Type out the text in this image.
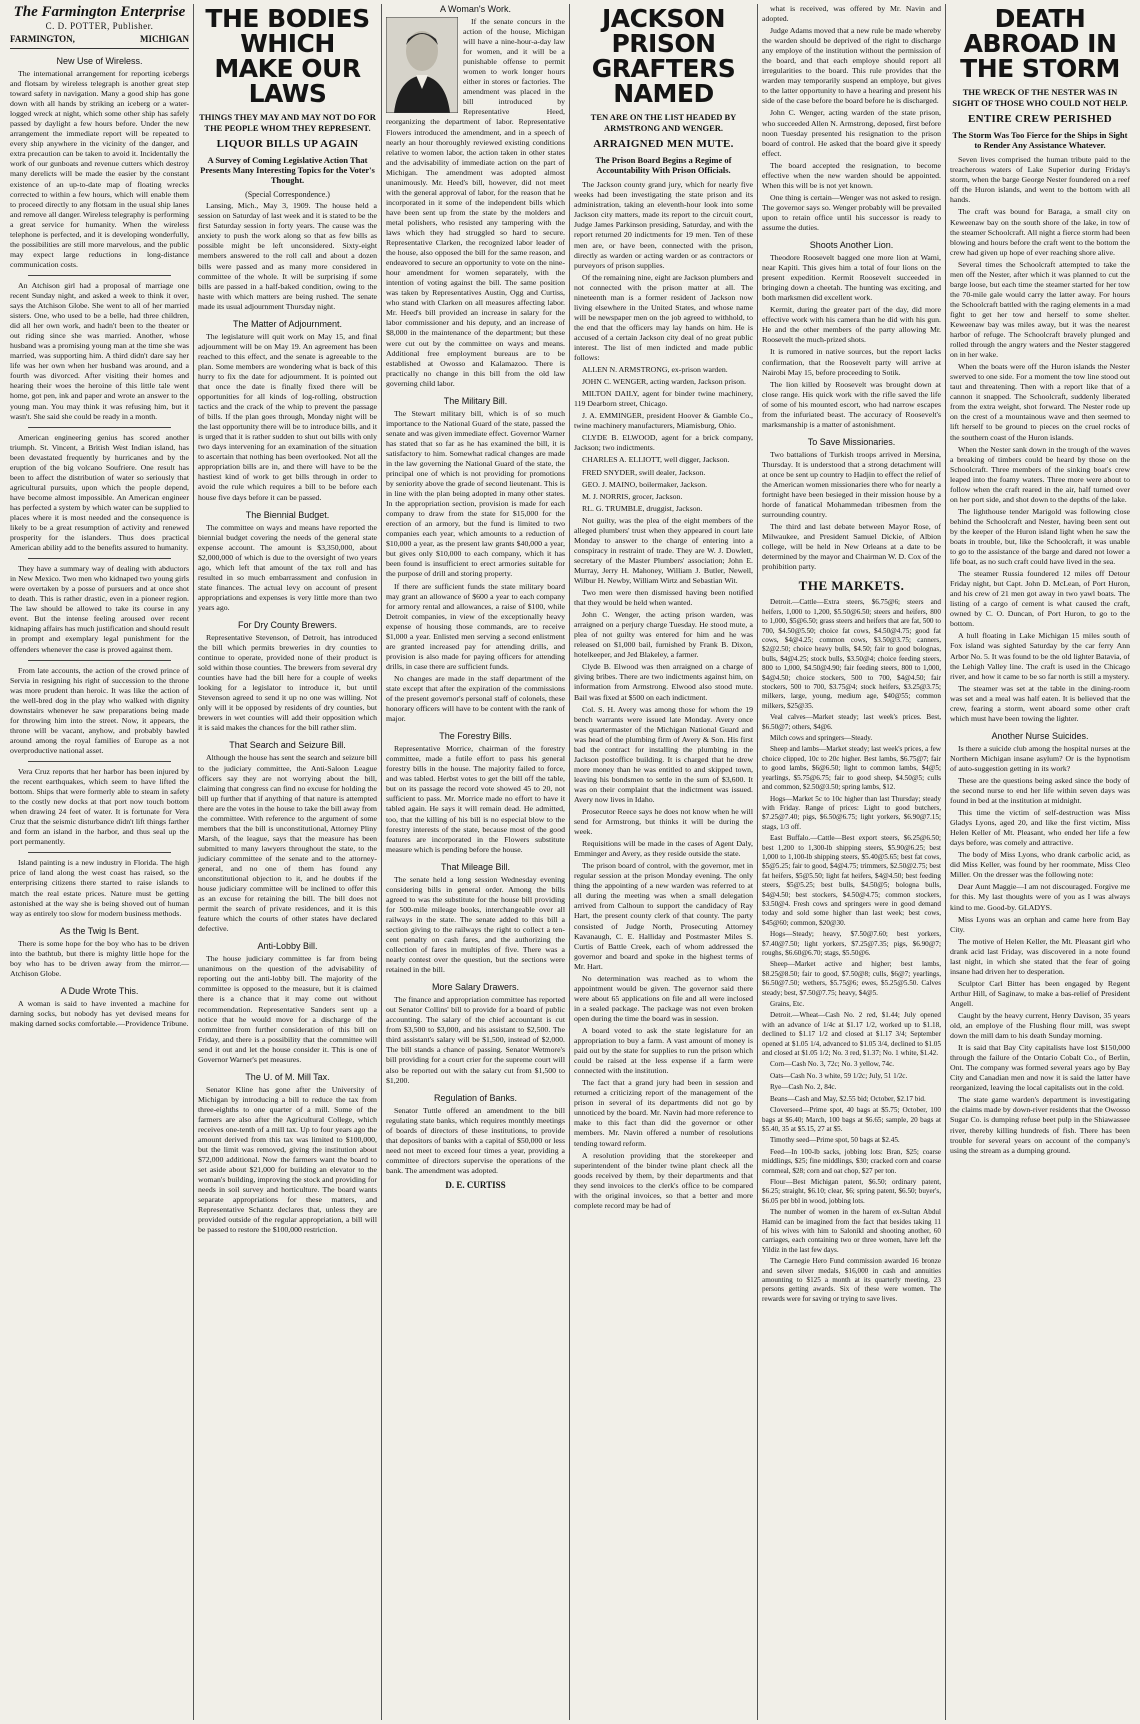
The Farmington Enterprise
C. D. POTTER, Publisher.
FARMINGTON,	MICHIGAN
New Use of Wireless.

The international arrangement for reporting icebergs and flotsam by wireless telegraph is another great step toward safety in navigation. Many a good ship has gone down with all hands by striking an iceberg or a water-logged wreck at night, which some other ship has safely passed by daylight a few hours before. Under the new arrangement the immediate report will be repeated to every ship anywhere in the vicinity of the danger, and extra precaution can be taken to avoid it. Incidentally the work of our gunboats and revenue cutters which destroy many derelicts will be made the easier by the constant existence of an up-to-date map of floating wrecks corrected to within a few hours, which will enable them to proceed directly to any flotsam in the usual ship lanes and remove all danger. Wireless telegraphy is performing a great service for humanity. When the wireless telephone is perfected, and it is developing wonderfully, the possibilities are still more marvelous, and the public may expect large reductions in long-distance communication costs.

An Atchison girl had a proposal of marriage one recent Sunday night, and asked a week to think it over, says the Atchison Globe. She went to all of her married sisters. One, who used to be a belle, had three children, did all her own work, and hadn't been to the theater or out riding since she was married. Another, whose husband was a promising young man at the time she was married, was supporting him. A third didn't dare say her life was her own when her husband was around, and a fourth was divorced. After visiting their homes and hearing their woes the heroine of this little tale went home, got pen, ink and paper and wrote an answer to the young man. You may think it was refusing him, but it wasn't. She said she could be ready in a month.

American engineering genius has scored another triumph. St. Vincent, a British West Indian island, has been devastated frequently by hurricanes and by the eruption of the big volcano Soufriere. One result has been to affect the distribution of water so seriously that agricultural pursuits, upon which the people depend, have become almost impossible. An American engineer has perfected a system by which water can be supplied to places where it is most needed and the consequence is likely to be a great resumption of activity and renewed prosperity for the islanders. Thus does practical American ability add to the benefits assured to humanity.

They have a summary way of dealing with abductors in New Mexico. Two men who kidnaped two young girls were overtaken by a posse of pursuers and at once shot to death. This is rather drastic, even in a pioneer region. The law should be allowed to take its course in any event. But the intense feeling aroused over recent kidnaping affairs has much justification and should result in prompt and exemplary legal punishment for the offenders whenever the case is proved against them.

From late accounts, the action of the crowd prince of Servia in resigning his right of succession to the throne was more prudent than heroic. It was like the action of the well-bred dog in the play who walked with dignity downstairs whenever he saw preparations being made for throwing him into the street. Now, it appears, the throne will be vacant, anyhow, and probably bawled around among the royal families of Europe as a not overproductive national asset.

Vera Cruz reports that her harbor has been injured by the recent earthquakes, which seem to have lifted the bottom. Ships that were formerly able to steam in safety to the costly new docks at that port now touch bottom when drawing 24 feet of water. It is fortunate for Vera Cruz that the seismic disturbance didn't lift things farther and form an island in the harbor, and thus seal up the port permanently.

Island painting is a new industry in Florida. The high price of land along the west coast has raised, so the enterprising citizens there started to raise islands to match the real estate prices. Nature must be getting astonished at the way she is being shoved out of human way as entirely too slow for modern business methods.

As the Twig Is Bent.

There is some hope for the boy who has to be driven into the bathtub, but there is mighty little hope for the boy who has to be driven away from the mirror.—Atchison Globe.

A Dude Wrote This.

A woman is said to have invented a machine for darning socks, but nobody has yet devised means for making darned socks comfortable.—Providence Tribune.

THE BODIES WHICH MAKE OUR LAWS
THINGS THEY MAY AND MAY NOT DO FOR THE PEOPLE WHOM THEY REPRESENT.
LIQUOR BILLS UP AGAIN
A Survey of Coming Legislative Action That Presents Many Interesting Topics for the Voter's Thought.
(Special Correspondence.)

Lansing, Mich., May 3, 1909. The house held a session on Saturday of last week and it is stated to be the first Saturday session in forty years. The cause was the anxiety to push the work along so that as few bills as possible might be left unconsidered. Sixty-eight members answered to the roll call and about a dozen bills were passed and as many more considered in committee of the whole. It will be surprising if some bills are passed in a half-baked condition, owing to the haste with which matters are being rushed. The senate made its usual adjournment Thursday night.

The Matter of Adjournment.

The legislature will quit work on May 15, and final adjournment will be on May 19. An agreement has been reached to this effect, and the senate is agreeable to the plan. Some members are wondering what is back of this hurry to fix the date for adjournment. It is pointed out that once the date is finally fixed there will be opportunities for all kinds of log-rolling, obstruction tactics and the crack of the whip to prevent the passage of bills. If the plan goes through, Monday night will be the last opportunity there will be to introduce bills, and it is urged that it is rather sudden to shut out bills with only two days intervening for an examination of the situation to ascertain that nothing has been overlooked. Not all the appropriation bills are in, and there will have to be the hastiest kind of work to get bills through in order to avoid the rule which requires a bill to be before each house five days before it can be passed.

The Biennial Budget.

The committee on ways and means have reported the biennial budget covering the needs of the general state expense account. The amount is $3,350,000, about $2,000,000 of which is due to the oversight of two years ago, which left that amount of the tax roll and has resulted in so much embarrassment and confusion in state finances. The actual levy on account of present appropriations and expenses is very little more than two years ago.

For Dry County Brewers.

Representative Stevenson, of Detroit, has introduced the bill which permits breweries in dry counties to continue to operate, provided none of their product is sold within those counties. The brewers from several dry counties have had the bill here for a couple of weeks looking for a legislator to introduce it, but until Stevenson agreed to send it up no one was willing. Not only will it be opposed by residents of dry counties, but brewers in wet counties will add their opposition which it is said makes the chances for the bill rather slim.

That Search and Seizure Bill.

Although the house has sent the search and seizure bill to the judiciary committee, the Anti-Saloon League officers say they are not worrying about the bill, claiming that congress can find no excuse for holding the bill up further that if anything of that nature is attempted there are the votes in the house to take the bill away from the committee. With reference to the argument of some members that the bill is unconstitutional, Attorney Pliny Marsh, of the league, says that the measure has been submitted to many lawyers throughout the state, to the judiciary committee of the senate and to the attorney-general, and no one of them has found any unconstitutional objection to it, and he doubts if the house judiciary committee will be inclined to offer this as an excuse for retaining the bill. The bill does not permit the search of private residences, and it is this feature which the courts of other states have declared defective.

Anti-Lobby Bill.

The house judiciary committee is far from being unanimous on the question of the advisability of reporting out the anti-lobby bill. The majority of the committee is opposed to the measure, but it is claimed there is a chance that it may come out without recommendation. Representative Sanders sent up a notice that he would move for a discharge of the committee from further consideration of this bill on Friday, and there is a possibility that the committee will send it out and let the house consider it. This is one of Governor Warner's pet measures.

The U. of M. Mill Tax.

Senator Kline has gone after the University of Michigan by introducing a bill to reduce the tax from three-eighths to one quarter of a mill. Some of the farmers are also after the Agricultural College, which receives one-tenth of a mill tax. Up to four years ago the amount derived from this tax was limited to $100,000, but the limit was removed, giving the institution about $72,000 additional. Now the farmers want the board to set aside about $21,000 for building an elevator to the woman's building, improving the stock and providing for needs in soil survey and horticulture. The board wants separate appropriations for these matters, and Representative Schantz declares that, unless they are provided outside of the regular appropriation, a bill will be passed to restore the $100,000 restriction.

A Woman's Work.

If the senate concurs in the action of the house, Michigan will have a nine-hour-a-day law for women, and it will be a punishable offense to permit women to work longer hours either in stores or factories. The amendment was placed in the bill introduced by Representative Heed, reorganizing the department of labor. Representative Flowers introduced the amendment, and in a speech of nearly an hour thoroughly reviewed existing conditions relative to women labor, the action taken in other states and the advisability of immediate action on the part of Michigan. The amendment was adopted almost unanimously. Mr. Heed's bill, however, did not meet with the general approval of labor, for the reason that he incorporated in it some of the independent bills which have been sent up from the state by the molders and metal polishers, who resisted any tampering with the laws which they had struggled so hard to secure. Representative Clarken, the recognized labor leader of the house, also opposed the bill for the same reason, and endeavored to secure an opportunity to vote on the nine-hour amendment for women separately, with the intention of voting against the bill. The same position was taken by Representatives Austin, Ogg and Curtiss, who stand with Clarken on all measures affecting labor. Mr. Heed's bill provided an increase in salary for the labor commissioner and his deputy, and an increase of $8,000 in the maintenance of the department; but these were cut out by the committee on ways and means. Additional free employment bureaus are to be established at Owosso and Kalamazoo. There is practically no change in this bill from the old law governing child labor.

The Military Bill.

The Stewart military bill, which is of so much importance to the National Guard of the state, passed the senate and was given immediate effect. Governor Warner has stated that so far as he has examined the bill, it is satisfactory to him. Somewhat radical changes are made in the law governing the National Guard of the state, the principal one of which is not providing for promotions by seniority above the grade of second lieutenant. This is in line with the plan being adopted in many other states. In the appropriation section, provision is made for each company to draw from the state for $15,000 for the erection of an armory, but the fund is limited to two companies each year, which amounts to a reduction of $10,000 a year, as the present law grants $40,000 a year, but gives only $10,000 to each company, which it has been found is insufficient to erect armories suitable for the purpose of drill and storing property.

If there are sufficient funds the state military board may grant an allowance of $600 a year to each company for armory rental and allowances, a raise of $100, while Detroit companies, in view of the exceptionally heavy expense of housing those commands, are to receive $1,000 a year. Enlisted men serving a second enlistment are granted increased pay for attending drills, and provision is also made for paying officers for attending drills, in case there are sufficient funds.

No changes are made in the staff department of the state except that after the expiration of the commissions of the present governor's personal staff of colonels, these honorary officers will have to be content with the rank of major.

The Forestry Bills.

Representative Morrice, chairman of the forestry committee, made a futile effort to pass his general forestry bills in the house. The majority failed to force, and was tabled. Herbst votes to get the bill off the table, but on its passage the record vote showed 45 to 20, not sufficient to pass. Mr. Morrice made no effort to have it tabled again. He says it will remain dead. He admitted, too, that the killing of his bill is no especial blow to the forestry interests of the state, because most of the good features are incorporated in the Flowers substitute measure which is pending before the house.

That Mileage Bill.

The senate held a long session Wednesday evening considering bills in general order. Among the bills agreed to was the substitute for the house bill providing for 500-mile mileage books, interchangeable over all railways in the state. The senate added to this bill a section giving to the railways the right to collect a ten-cent penalty on cash fares, and the authorizing the collection of fares in multiples of five. There was a nearly contest over the question, but the sections were retained in the bill.

More Salary Drawers.

The finance and appropriation committee has reported out Senator Collins' bill to provide for a board of public accounting. The salary of the chief accountant is cut from $3,500 to $3,000, and his assistant to $2,500. The third assistant's salary will be $1,500, instead of $2,000. The bill stands a chance of passing. Senator Wetmore's bill providing for a court crier for the supreme court will also be reported out with the salary cut from $1,500 to $1,200.

Regulation of Banks.

Senator Tuttle offered an amendment to the bill regulating state banks, which requires monthly meetings of boards of directors of these institutions, to provide that depositors of banks with a capital of $50,000 or less need not meet to exceed four times a year, providing a committee of directors supervise the operations of the bank. The amendment was adopted.

D. E. CURTISS
JACKSON PRISON GRAFTERS NAMED
TEN ARE ON THE LIST HEADED BY ARMSTRONG AND WENGER.
ARRAIGNED MEN MUTE.
The Prison Board Begins a Regime of Accountability With Prison Officials.

The Jackson county grand jury, which for nearly five weeks had been investigating the state prison and its administration, taking an eleventh-hour look into some Jackson city matters, made its report to the circuit court, Judge James Parkinson presiding, Saturday, and with the report returned 20 indictments for 19 men. Ten of these men are, or have been, connected with the prison, directly as warden or acting warden or as contractors or purveyors of prison supplies.

Of the remaining nine, eight are Jackson plumbers and not connected with the prison matter at all. The nineteenth man is a former resident of Jackson now living elsewhere in the United States, and whose name will be newspaper men on the job agreed to withhold, to the end that the officers may lay hands on him. He is accused of a certain Jackson city deal of no great public interest. The list of men indicted and made public follows:

ALLEN N. ARMSTRONG, ex-prison warden.

JOHN C. WENGER, acting warden, Jackson prison.

MILTON DAILY, agent for binder twine machinery, 119 Dearborn street, Chicago.

J. A. EMMINGER, president Hoover & Gamble Co., twine machinery manufacturers, Miamisburg, Ohio.

CLYDE B. ELWOOD, agent for a brick company, Jackson; two indictments.

CHARLES A. ELLIOTT, well digger, Jackson.

FRED SNYDER, swill dealer, Jackson.

GEO. J. MAINO, boilermaker, Jackson.

M. J. NORRIS, grocer, Jackson.

RL. G. TRUMBLE, druggist, Jackson.

Not guilty, was the plea of the eight members of the alleged plumbers' trust when they appeared in court late Monday to answer to the charge of entering into a conspiracy in restraint of trade. They are W. J. Dowlett, secretary of the Master Plumbers' association; John E. Murray, Jerry H. Mahoney, William J. Butler, Newell, Wilbur H. Newby, William Wirtz and Sebastian Wit.

Two men were then dismissed having been notified that they would be held when wanted.

John C. Wenger, the acting prison warden, was arraigned on a perjury charge Tuesday. He stood mute, a plea of not guilty was entered for him and he was released on $1,000 bail, furnished by Frank B. Dixon, hotelkeeper, and Jed Blakeley, a farmer.

Clyde B. Elwood was then arraigned on a charge of giving bribes. There are two indictments against him, on information from Armstrong. Elwood also stood mute. Bail was fixed at $500 on each indictment.

Col. S. H. Avery was among those for whom the 19 bench warrants were issued late Monday. Avery once was quartermaster of the Michigan National Guard and was head of the plumbing firm of Avery & Son. His first bad the contract for installing the plumbing in the Jackson postoffice building. It is charged that he drew more money than he was entitled to and skipped town, leaving his bondsmen to settle in the sum of $3,600. It was on their complaint that the indictment was issued. Avery now lives in Idaho.

Prosecutor Reece says he does not know when he will send for Armstrong, but thinks it will be during the week.

Requisitions will be made in the cases of Agent Daly, Emminger and Avery, as they reside outside the state.

The prison board of control, with the governor, met in regular session at the prison Monday evening. The only thing the appointing of a new warden was referred to at all during the meeting was when a small delegation arrived from Calhoun to support the candidacy of Ray Hart, the present county clerk of that county. The party consisted of Judge North, Prosecuting Attorney Kavanaugh, C. E. Halliday and Postmaster Miles S. Curtis of Battle Creek, each of whom addressed the governor and board and spoke in the highest terms of Mr. Hart.

No determination was reached as to whom the appointment would be given. The governor said there were about 65 applications on file and all were inclosed in a sealed package. The package was not even broken open during the time the board was in session.

A board voted to ask the state legislature for an appropriation to buy a farm. A vast amount of money is paid out by the state for supplies to run the prison which could be raised at the less expense if a farm were connected with the institution.

The fact that a grand jury had been in session and returned a criticizing report of the management of the prison in several of its departments did not go by unnoticed by the board. Mr. Navin had more reference to make to this fact than did the governor or other members. Mr. Navin offered a number of resolutions tending toward reform.

A resolution providing that the storekeeper and superintendent of the binder twine plant check all the goods received by them, by their departments and that they send invoices to the clerk's office to be compared with the original invoices, so that a better and more complete record may be had of

what is received, was offered by Mr. Navin and adopted.

Judge Adams moved that a new rule be made whereby the warden should be deprived of the right to discharge any employe of the institution without the permission of the board, and that each employe should report all irregularities to the board. This rule provides that the warden may temporarily suspend an employe, but gives to the latter opportunity to have a hearing and present his side of the case before the board before he is discharged.

John C. Wenger, acting warden of the state prison, who succeeded Allen N. Armstrong, deposed, first before noon Tuesday presented his resignation to the prison board of control. He asked that the board give it speedy effect.

The board accepted the resignation, to become effective when the new warden should be appointed. When this will be is not yet known.

One thing is certain—Wenger was not asked to resign. The governor says so. Wenger probably will be prevailed upon to retain office until his successor is ready to assume the duties.

Shoots Another Lion.

Theodore Roosevelt bagged one more lion at Wami, near Kapiti. This gives him a total of four lions on the present expedition. Kermit Roosevelt succeeded in bringing down a cheetah. The hunting was exciting, and both marksmen did excellent work.

Kermit, during the greater part of the day, did more effective work with his camera than he did with his gun. He and the other members of the party allowing Mr. Roosevelt the much-prized shots.

It is rumored in native sources, but the report lacks confirmation, that the Roosevelt party will arrive at Nairobi May 15, before proceeding to Sotik.

The lion killed by Roosevelt was brought down at close range. His quick work with the rifle saved the life of some of his mounted escort, who had narrow escapes from the infuriated beast. The accuracy of Roosevelt's marksmanship is a matter of astonishment.

To Save Missionaries.

Two battalions of Turkish troops arrived in Mersina, Thursday. It is understood that a strong detachment will at once be sent up country to Hadjin to effect the relief of the American women missionaries there who for nearly a fortnight have been besieged in their mission house by a horde of fanatical Mohammedan tribesmen from the surrounding country.

The third and last debate between Mayor Rose, of Milwaukee, and President Samuel Dickie, of Albion college, will be held in New Orleans at a date to be determined by the mayor and Chairman W. D. Cox of the prohibition party.

THE MARKETS.

Detroit.—Cattle—Extra steers, $6.75@6; steers and heifers, 1,000 to 1,200, $5.50@6.50; steers and heifers, 800 to 1,000, $5@6.50; grass steers and heifers that are fat, 500 to 700, $4.50@5.50; choice fat cows, $4.50@4.75; good fat cows, $4@4.25; common cows, $3.50@3.75; canners, $2@2.50; choice heavy bulls, $4.50; fair to good bolognas, bulls, $4@4.25; stock bulls, $3.50@4; choice feeding steers, 800 to 1,000, $4.50@4.90; fair feeding steers, 800 to 1,000, $4@4.50; choice stockers, 500 to 700, $4@4.50; fair stockers, 500 to 700, $3.75@4; stock heifers, $3.25@3.75; milkers, large, young, medium age, $40@55; common milkers, $25@35.

Veal calves—Market steady; last week's prices. Best, $6.50@7; others, $4@6.

Milch cows and springers—Steady.

Sheep and lambs—Market steady; last week's prices, a few choice clipped, 10c to 20c higher. Best lambs, $6.75@7; fair to good lambs, $6@6.50; light to common lambs, $4@5; yearlings, $5.75@6.75; fair to good sheep, $4.50@5; culls and common, $2.50@3.50; spring lambs, $12.

Hogs—Market 5c to 10c higher than last Thursday; steady with Friday. Range of prices: Light to good butchers, $7.25@7.40; pigs, $6.50@6.75; light yorkers, $6.90@7.15; stags, 1/3 off.

East Buffalo.—Cattle—Best export steers, $6.25@6.50; best 1,200 to 1,300-lb shipping steers, $5.90@6.25; best 1,000 to 1,100-lb shipping steers, $5.40@5.65; best fat cows, $5@5.25; fair to good, $4@4.75; trimmers, $2.50@2.75; best fat heifers, $5@5.50; light fat heifers, $4@4.50; best feeding steers, $5@5.25; best bulls, $4.50@5; bologna bulls, $4@4.50; best stockers, $4.50@4.75; common stockers, $3.50@4. Fresh cows and springers were in good demand today and sold some higher than last week; best cows, $45@60; common, $20@30.

Hogs—Steady; heavy, $7.50@7.60; best yorkers, $7.40@7.50; light yorkers, $7.25@7.35; pigs, $6.90@7; roughs, $6.60@6.70; stags, $5.50@6.

Sheep—Market active and higher; best lambs, $8.25@8.50; fair to good, $7.50@8; culls, $6@7; yearlings, $6.50@7.50; wethers, $5.75@6; ewes, $5.25@5.50. Calves steady; best, $7.50@7.75; heavy, $4@5.

Grains, Etc.

Detroit.—Wheat—Cash No. 2 red, $1.44; July opened with an advance of 1/4c at $1.17 1/2, worked up to $1.18, declined to $1.17 1/2 and closed at $1.17 3/4; September opened at $1.05 1/4, advanced to $1.05 3/4, declined to $1.05 and closed at $1.05 1/2; No. 3 red, $1.37; No. 1 white, $1.42.

Corn—Cash No. 3, 72c; No. 3 yellow, 74c.

Oats—Cash No. 3 white, 59 1/2c; July, 51 1/2c.

Rye—Cash No. 2, 84c.

Beans—Cash and May, $2.55 bid; October, $2.17 bid.

Cloverseed—Prime spot, 40 bags at $5.75; October, 100 bags at $6.40; March, 100 bags at $6.65; sample, 20 bags at $5.40, 35 at $5.15, 27 at $5.

Timothy seed—Prime spot, 50 bags at $2.45.

Feed—In 100-lb sacks, jobbing lots: Bran, $25; coarse middlings, $25; fine middlings, $30; cracked corn and coarse cornmeal, $28; corn and oat chop, $27 per ton.

Flour—Best Michigan patent, $6.50; ordinary patent, $6.25; straight, $6.10; clear, $6; spring patent, $6.50; buyer's, $6.05 per bbl in wood, jobbing lots.

The number of women in the harem of ex-Sultan Abdul Hamid can be imagined from the fact that besides taking 11 of his wives with him to Salonikl and shooting another, 60 carriages, each containing two or three women, have left the Yildiz in the last few days.

The Carnegie Hero Fund commission awarded 16 bronze and seven silver medals, $16,000 in cash and annuities amounting to $125 a month at its quarterly meeting, 23 persons getting awards. Six of these were women. The rewards were for saving or trying to save lives.

DEATH ABROAD IN THE STORM
THE WRECK OF THE NESTER WAS IN SIGHT OF THOSE WHO COULD NOT HELP.
ENTIRE CREW PERISHED
The Storm Was Too Fierce for the Ships in Sight to Render Any Assistance Whatever.

Seven lives comprised the human tribute paid to the treacherous waters of Lake Superior during Friday's storm, when the barge George Nester foundered on a reef off the Huron islands, and went to the bottom with all hands.

The craft was bound for Baraga, a small city on Keweenaw bay on the south shore of the lake, in tow of the steamer Schoolcraft. All night a fierce storm had been blowing and hours before the craft went to the bottom the crew had given up hope of ever reaching shore alive.

Several times the Schoolcraft attempted to take the men off the Nester, after which it was planned to cut the barge loose, but each time the steamer started for her tow the 70-mile gale would carry the latter away. For hours the Schoolcraft battled with the raging elements in a mad fight to get her tow and herself to some shelter. Keweenaw bay was miles away, but it was the nearest harbor of refuge. The Schoolcraft bravely plunged and rolled through the angry waters and the Nester staggered on in her wake.

When the boats were off the Huron islands the Nester swerved to one side. For a moment the tow line stood out taut and threatening. Then with a report like that of a cannon it snapped. The Schoolcraft, suddenly liberated from the extra weight, shot forward. The Nester rode up on the crest of a mountainous wave and then seemed to lift herself to be ground to pieces on the cruel rocks of the southern coast of the Huron islands.

When the Nester sank down in the trough of the waves a breaking of timbers could be heard by those on the Schoolcraft. Three members of the sinking boat's crew leaped into the foamy waters. Three more were about to follow when the craft reared in the air, half turned over on her port side, and shot down to the depths of the lake.

The lighthouse tender Marigold was following close behind the Schoolcraft and Nester, having been sent out by the keeper of the Huron island light when he saw the boats in trouble, but, like the Schoolcraft, it was unable to go to the assistance of the barge and dared not lower a life boat, as no such craft could have lived in the sea.

The steamer Russia foundered 12 miles off Detour Friday night, but Capt. John D. McLean, of Port Huron, and his crew of 21 men got away in two yawl boats. The listing of a cargo of cement is what caused the craft, owned by C. O. Duncan, of Port Huron, to go to the bottom.

A hull floating in Lake Michigan 15 miles south of Fox island was sighted Saturday by the car ferry Ann Arbor No. 5. It was found to be the old lighter Batavia, of the Lehigh Valley line. The craft is used in the Chicago river, and how it came to be so far north is still a mystery.

The steamer was set at the table in the dining-room was set and a meal was half eaten. It is believed that the crew, fearing a storm, went aboard some other craft which must have been towing the lighter.

Another Nurse Suicides.

Is there a suicide club among the hospital nurses at the Northern Michigan insane asylum? Or is the hypnotism of auto-suggestion getting in its work?

These are the questions being asked since the body of the second nurse to end her life within seven days was found in bed at the institution at midnight.

This time the victim of self-destruction was Miss Gladys Lyons, aged 20, and like the first victim, Miss Helen Keller of Mt. Pleasant, who ended her life a few days before, was comely and attractive.

The body of Miss Lyons, who drank carbolic acid, as did Miss Keller, was found by her roommate, Miss Cleo Miller. On the dresser was the following note:

Dear Aunt Maggie—I am not discouraged. Forgive me for this. My last thoughts were of you as I was always kind to me. Good-by. GLADYS.

Miss Lyons was an orphan and came here from Bay City.

The motive of Helen Keller, the Mt. Pleasant girl who drank acid last Friday, was discovered in a note found last night, in which she stated that the fear of going insane had driven her to desperation.

Sculptor Carl Bitter has been engaged by Regent Arthur Hill, of Saginaw, to make a bas-relief of President Angell.

Caught by the heavy current, Henry Davison, 35 years old, an employe of the Flushing flour mill, was swept down the mill dam to his death Sunday morning.

It is said that Bay City capitalists have lost $150,000 through the failure of the Ontario Cobalt Co., of Berlin, Ont. The company was formed several years ago by Bay City and Canadian men and now it is said the latter have reorganized, leaving the local capitalists out in the cold.

The state game warden's department is investigating the claims made by down-river residents that the Owosso Sugar Co. is dumping refuse beet pulp in the Shiawassee river, thereby killing hundreds of fish. There has been trouble for several years on account of the company's using the stream as a dumping ground.
